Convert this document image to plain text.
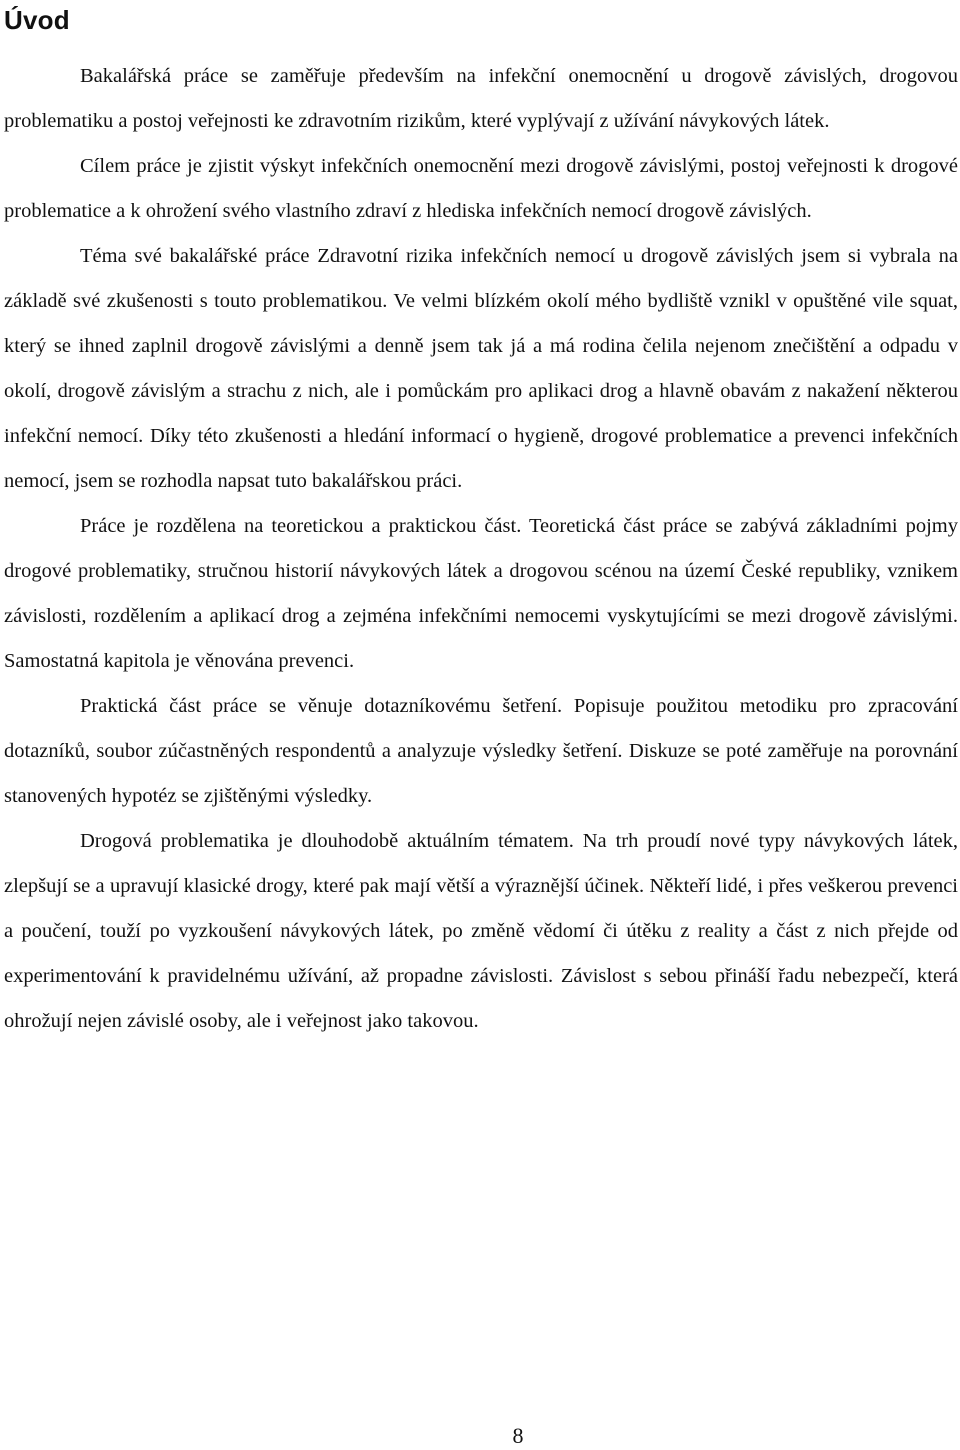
Úvod

Bakalářská práce se zaměřuje především na infekční onemocnění u drogově závislých, drogovou problematiku a postoj veřejnosti ke zdravotním rizikům, které vyplývají z užívání návykových látek.

Cílem práce je zjistit výskyt infekčních onemocnění mezi drogově závislými, postoj veřejnosti k drogové problematice a k ohrožení svého vlastního zdraví z hlediska infekčních nemocí drogově závislých.

Téma své bakalářské práce Zdravotní rizika infekčních nemocí u drogově závislých jsem si vybrala na základě své zkušenosti s touto problematikou. Ve velmi blízkém okolí mého bydliště vznikl v opuštěné vile squat, který se ihned zaplnil drogově závislými a denně jsem tak já a má rodina čelila nejenom znečištění a odpadu v okolí, drogově závislým a strachu z nich, ale i pomůckám pro aplikaci drog a hlavně obavám z nakažení některou infekční nemocí. Díky této zkušenosti a hledání informací o hygieně, drogové problematice a prevenci infekčních nemocí, jsem se rozhodla napsat tuto bakalářskou práci.

Práce je rozdělena na teoretickou a praktickou část. Teoretická část práce se zabývá základními pojmy drogové problematiky, stručnou historií návykových látek a drogovou scénou na území České republiky, vznikem závislosti, rozdělením a aplikací drog a zejména infekčními nemocemi vyskytujícími se mezi drogově závislými. Samostatná kapitola je věnována prevenci.

Praktická část práce se věnuje dotazníkovému šetření. Popisuje použitou metodiku pro zpracování dotazníků, soubor zúčastněných respondentů a analyzuje výsledky šetření. Diskuze se poté zaměřuje na porovnání stanovených hypotéz se zjištěnými výsledky.

Drogová problematika je dlouhodobě aktuálním tématem. Na trh proudí nové typy návykových látek, zlepšují se a upravují klasické drogy, které pak mají větší a výraznější účinek. Někteří lidé, i přes veškerou prevenci a poučení, touží po vyzkoušení návykových látek, po změně vědomí či útěku z reality a část z nich přejde od experimentování k pravidelnému užívání, až propadne závislosti. Závislost s sebou přináší řadu nebezpečí, která ohrožují nejen závislé osoby, ale i veřejnost jako takovou.

8
